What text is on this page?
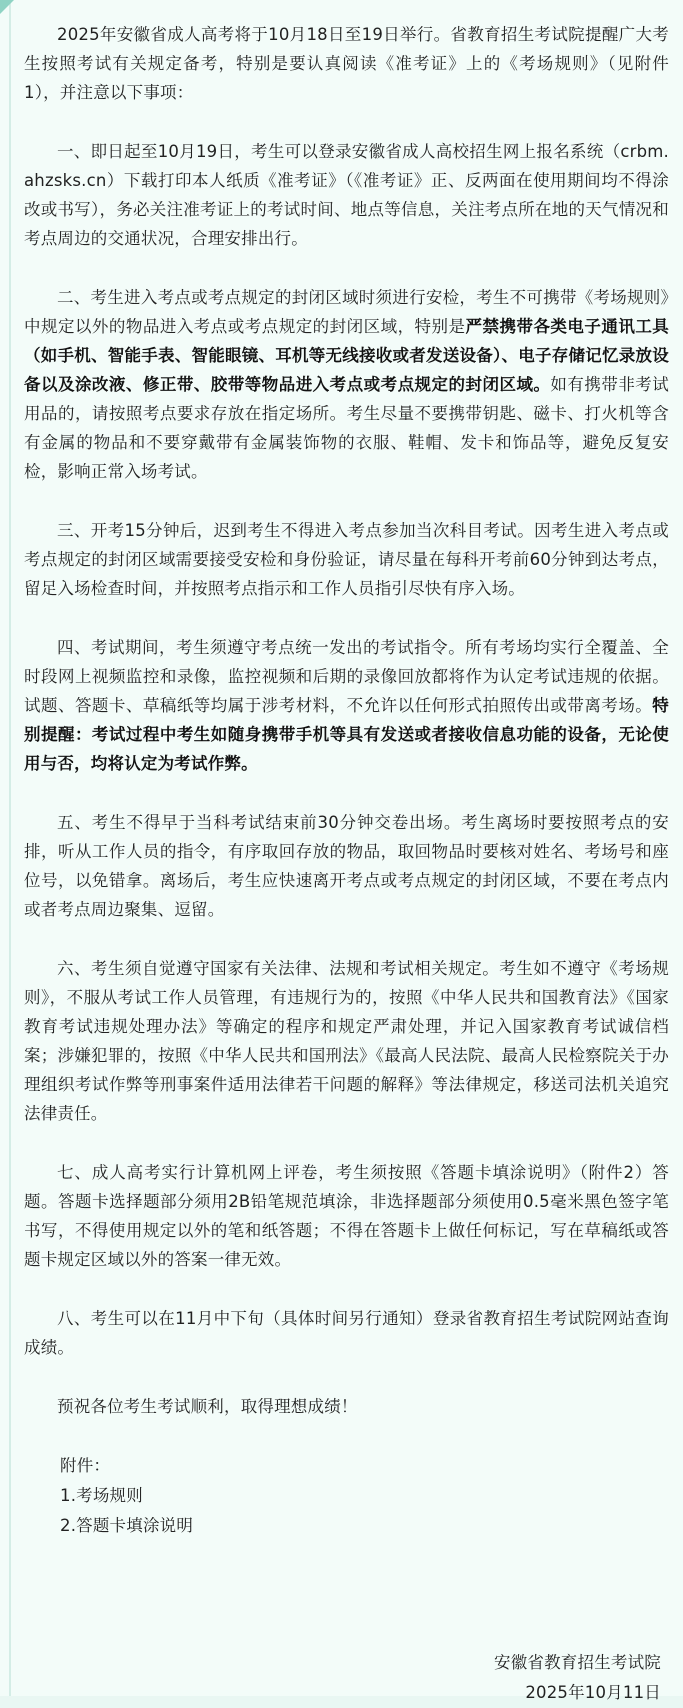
2025年安徽省成人高考将于10月18日至19日举行。省教育招生考试院提醒广大考生按照考试有关规定备考，特别是要认真阅读《准考证》上的《考场规则》（见附件1），并注意以下事项：

一、即日起至10月19日，考生可以登录安徽省成人高校招生网上报名系统（crbm.ahzsks.cn）下载打印本人纸质《准考证》（《准考证》正、反两面在使用期间均不得涂改或书写），务必关注准考证上的考试时间、地点等信息，关注考点所在地的天气情况和考点周边的交通状况，合理安排出行。

二、考生进入考点或考点规定的封闭区域时须进行安检，考生不可携带《考场规则》中规定以外的物品进入考点或考点规定的封闭区域，特别是严禁携带各类电子通讯工具（如手机、智能手表、智能眼镜、耳机等无线接收或者发送设备）、电子存储记忆录放设备以及涂改液、修正带、胶带等物品进入考点或考点规定的封闭区域。如有携带非考试用品的，请按照考点要求存放在指定场所。考生尽量不要携带钥匙、磁卡、打火机等含有金属的物品和不要穿戴带有金属装饰物的衣服、鞋帽、发卡和饰品等，避免反复安检，影响正常入场考试。

三、开考15分钟后，迟到考生不得进入考点参加当次科目考试。因考生进入考点或考点规定的封闭区域需要接受安检和身份验证，请尽量在每科开考前60分钟到达考点，留足入场检查时间，并按照考点指示和工作人员指引尽快有序入场。

四、考试期间，考生须遵守考点统一发出的考试指令。所有考场均实行全覆盖、全时段网上视频监控和录像，监控视频和后期的录像回放都将作为认定考试违规的依据。试题、答题卡、草稿纸等均属于涉考材料，不允许以任何形式拍照传出或带离考场。特别提醒：考试过程中考生如随身携带手机等具有发送或者接收信息功能的设备，无论使用与否，均将认定为考试作弊。

五、考生不得早于当科考试结束前30分钟交卷出场。考生离场时要按照考点的安排，听从工作人员的指令，有序取回存放的物品，取回物品时要核对姓名、考场号和座位号，以免错拿。离场后，考生应快速离开考点或考点规定的封闭区域，不要在考点内或者考点周边聚集、逗留。

六、考生须自觉遵守国家有关法律、法规和考试相关规定。考生如不遵守《考场规则》，不服从考试工作人员管理，有违规行为的，按照《中华人民共和国教育法》《国家教育考试违规处理办法》等确定的程序和规定严肃处理，并记入国家教育考试诚信档案；涉嫌犯罪的，按照《中华人民共和国刑法》《最高人民法院、最高人民检察院关于办理组织考试作弊等刑事案件适用法律若干问题的解释》等法律规定，移送司法机关追究法律责任。

七、成人高考实行计算机网上评卷，考生须按照《答题卡填涂说明》（附件2）答题。答题卡选择题部分须用2B铅笔规范填涂，非选择题部分须使用0.5毫米黑色签字笔书写，不得使用规定以外的笔和纸答题；不得在答题卡上做任何标记，写在草稿纸或答题卡规定区域以外的答案一律无效。

八、考生可以在11月中下旬（具体时间另行通知）登录省教育招生考试院网站查询成绩。

预祝各位考生考试顺利，取得理想成绩！

附件：

1.考场规则

2.答题卡填涂说明

安徽省教育招生考试院

2025年10月11日
